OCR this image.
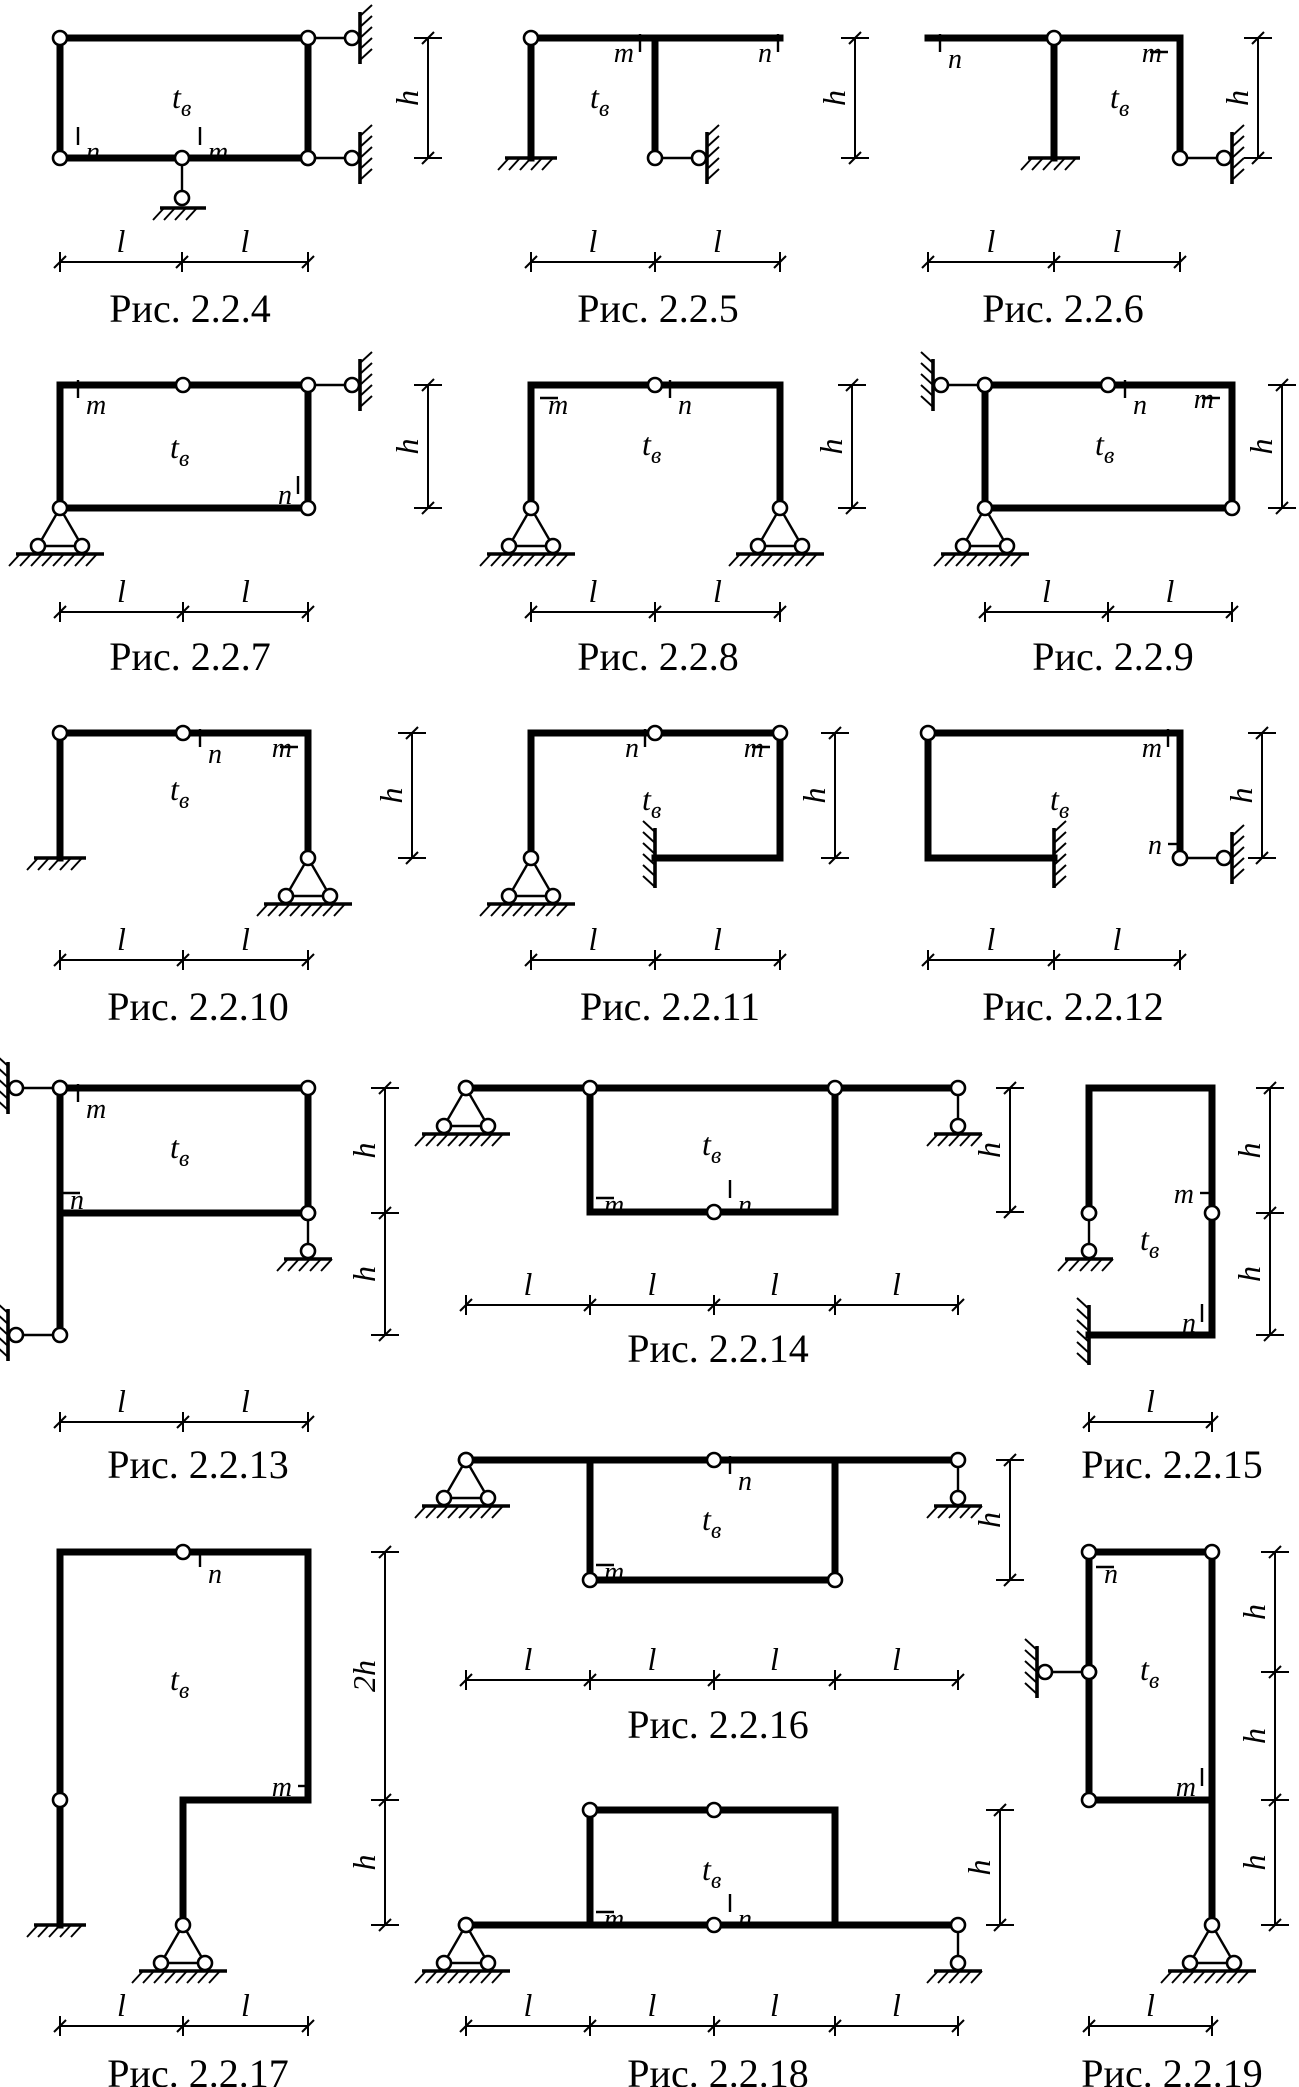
$t_в$
n	m
h
l	l
Рис. 2.2.4
$t_в$
m	n
h
l	l
Рис. 2.2.5
$t_в$
n	m
h
l	l
Рис. 2.2.6
$t_в$
m
n
h
l	l
Рис. 2.2.7
$t_в$
m	n
h
l	l
Рис. 2.2.8
$t_в$
n m
h
l	l
Рис. 2.2.9
$t_в$
n m
h
l	l
Рис. 2.2.10
$t_в$
n	m
h
l	l
Рис. 2.2.11
$t_в$
m
n
h
l	l
Рис. 2.2.12
$t_в$
m
n
h
h
l	l
Рис. 2.2.13
$t_в$
m	n
h
l	l	l	l
Рис. 2.2.14
$t_в$
m
n
h
h
l
Рис. 2.2.15
$t_в$
m
n
h
l	l	l	l
Рис. 2.2.16
$t_в$
n
m
2h
h
l	l
Рис. 2.2.17
$t_в$
m	n
h
l	l	l	l
Рис. 2.2.18
$t_в$
n
m
h
h
h
l
Рис. 2.2.19
